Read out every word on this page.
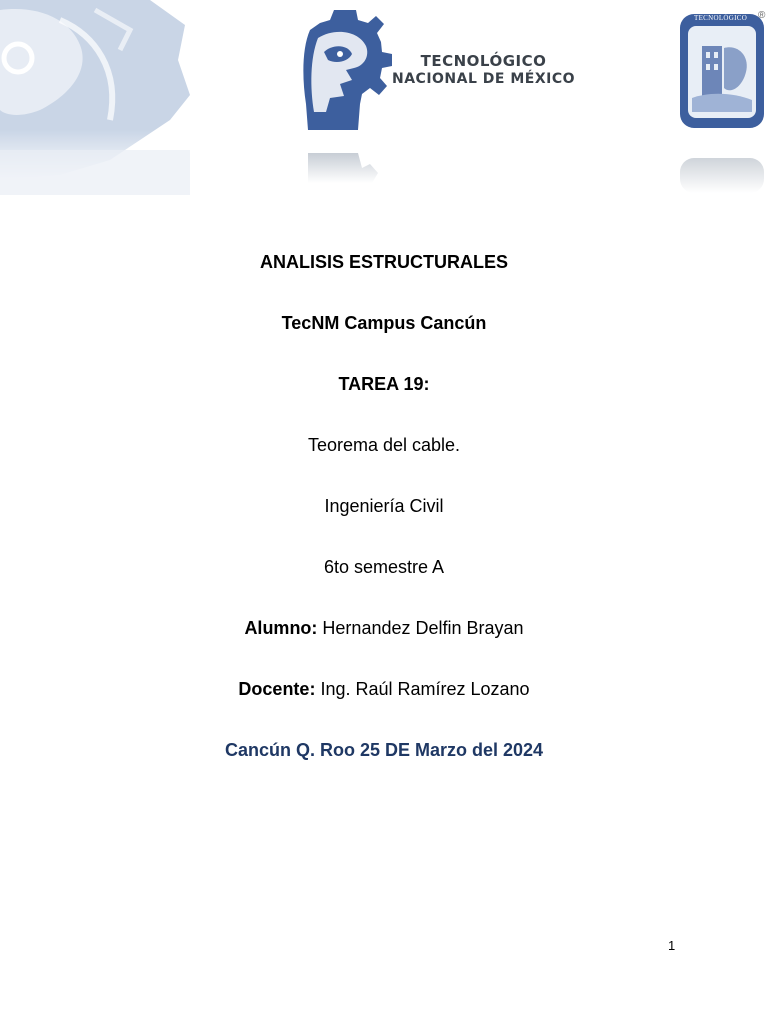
TECNOLÓGICO
NACIONAL DE MÉXICO
TECNOLÓGICO ®
ANALISIS ESTRUCTURALES
TecNM Campus Cancún
TAREA 19:
Teorema del cable.
Ingeniería Civil
6to semestre A
Alumno: Hernandez Delfin Brayan
Docente: Ing. Raúl Ramírez Lozano
Cancún Q. Roo 25 DE Marzo del 2024
1
